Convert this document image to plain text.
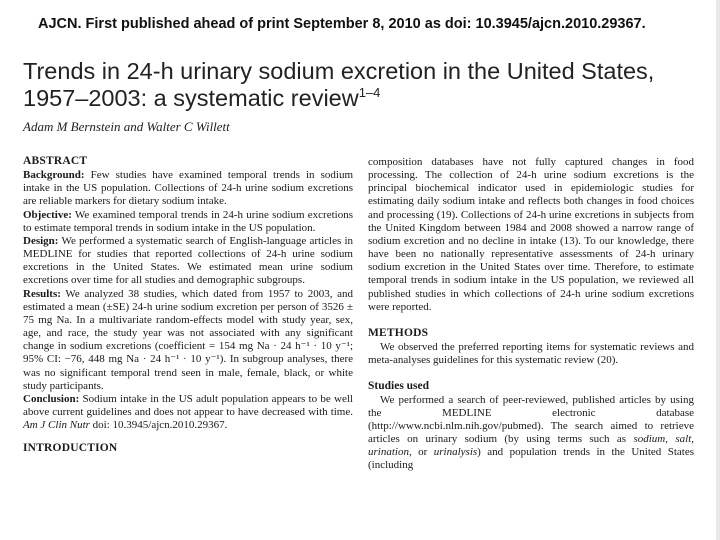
AJCN. First published ahead of print September 8, 2010 as doi: 10.3945/ajcn.2010.29367.
Trends in 24-h urinary sodium excretion in the United States,
1957–2003: a systematic review$^{1-4}$
Adam M Bernstein and Walter C Willett
ABSTRACT

Background: Few studies have examined temporal trends in sodium intake in the US population. Collections of 24-h urine sodium excretions are reliable markers for dietary sodium intake.

Objective: We examined temporal trends in 24-h urine sodium excretions to estimate temporal trends in sodium intake in the US population.

Design: We performed a systematic search of English-language articles in MEDLINE for studies that reported collections of 24-h urine sodium excretions in the United States. We estimated mean urine sodium excretions over time for all studies and demographic subgroups.

Results: We analyzed 38 studies, which dated from 1957 to 2003, and estimated a mean (±SE) 24-h urine sodium excretion per person of 3526 ± 75 mg Na. In a multivariate random-effects model with study year, sex, age, and race, the study year was not associated with any significant change in sodium excretions (coefficient = 154 mg Na · 24 h⁻¹ · 10 y⁻¹; 95% CI: −76, 448 mg Na · 24 h⁻¹ · 10 y⁻¹). In subgroup analyses, there was no significant temporal trend seen in male, female, black, or white study participants.

Conclusion: Sodium intake in the US adult population appears to be well above current guidelines and does not appear to have decreased with time. Am J Clin Nutr doi: 10.3945/ajcn.2010.29367.

INTRODUCTION

composition databases have not fully captured changes in food processing. The collection of 24-h urine sodium excretions is the principal biochemical indicator used in epidemiologic studies for estimating daily sodium intake and reflects both changes in food choices and processing (19). Collections of 24-h urine excretions in subjects from the United Kingdom between 1984 and 2008 showed a narrow range of sodium excretion and no decline in intake (13). To our knowledge, there have been no nationally representative assessments of 24-h urinary sodium excretion in the United States over time. Therefore, to estimate temporal trends in sodium intake in the US population, we reviewed all published studies in which collections of 24-h urine sodium excretions were reported.

METHODS

We observed the preferred reporting items for systematic reviews and meta-analyses guidelines for this systematic review (20).

Studies used

We performed a search of peer-reviewed, published articles by using the MEDLINE electronic database (http://www.ncbi.nlm.nih.gov/pubmed). The search aimed to retrieve articles on urinary sodium (by using terms such as sodium, salt, urination, or urinalysis) and population trends in the United States (including
